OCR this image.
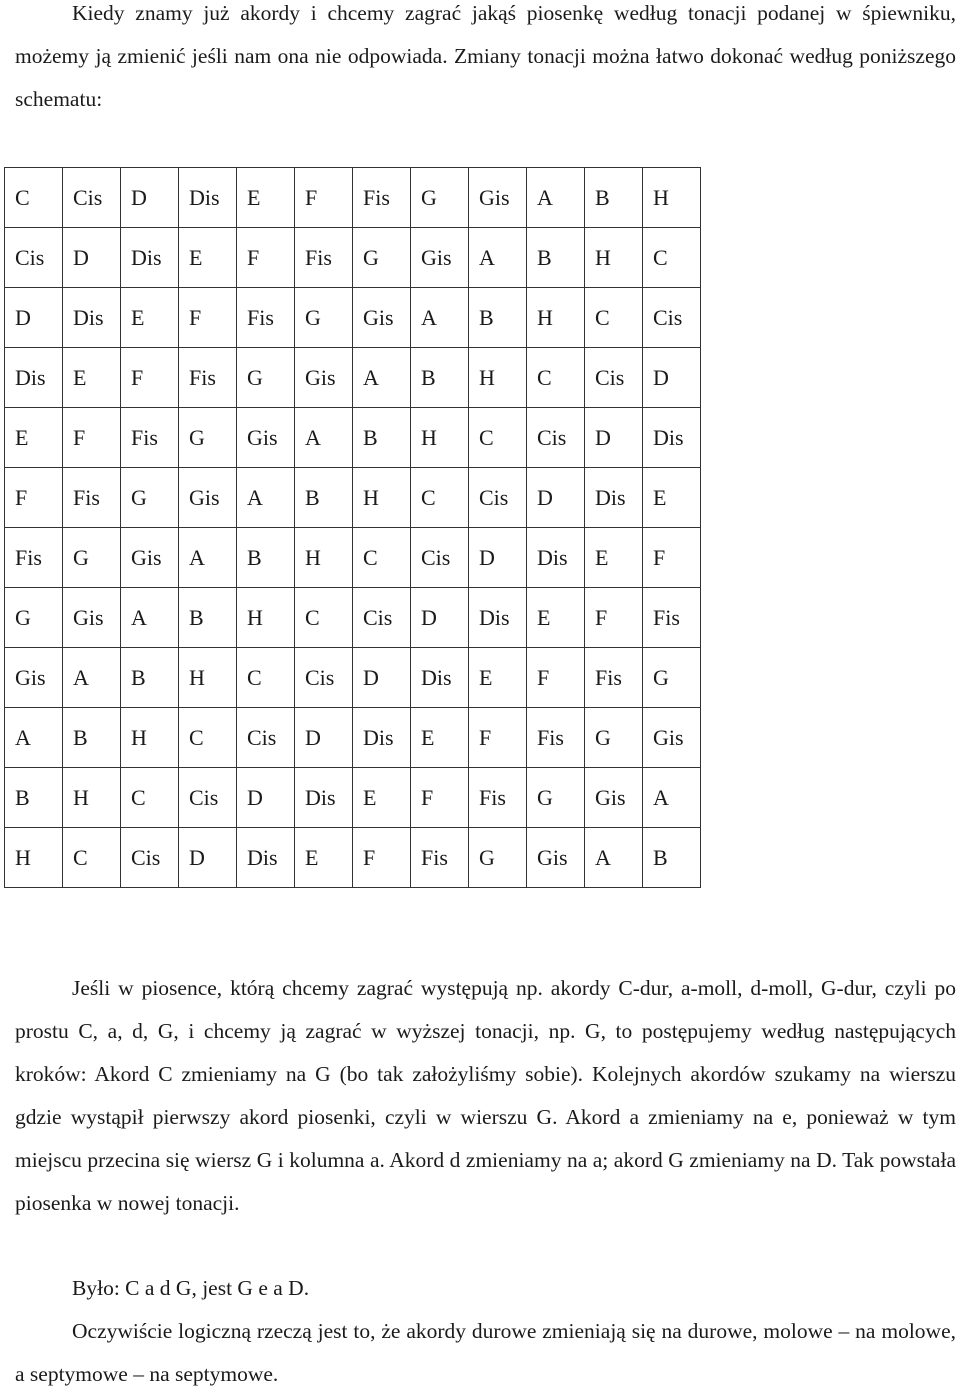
Kiedy znamy już akordy i chcemy zagrać jakąś piosenkę według tonacji podanej w śpiewniku, możemy ją zmienić jeśli nam ona nie odpowiada. Zmiany tonacji można łatwo dokonać według poniższego schematu:

C	Cis	D	Dis	E	F	Fis	G	Gis	A	B	H
Cis	D	Dis	E	F	Fis	G	Gis	A	B	H	C
D	Dis	E	F	Fis	G	Gis	A	B	H	C	Cis
Dis	E	F	Fis	G	Gis	A	B	H	C	Cis	D
E	F	Fis	G	Gis	A	B	H	C	Cis	D	Dis
F	Fis	G	Gis	A	B	H	C	Cis	D	Dis	E
Fis	G	Gis	A	B	H	C	Cis	D	Dis	E	F
G	Gis	A	B	H	C	Cis	D	Dis	E	F	Fis
Gis	A	B	H	C	Cis	D	Dis	E	F	Fis	G
A	B	H	C	Cis	D	Dis	E	F	Fis	G	Gis
B	H	C	Cis	D	Dis	E	F	Fis	G	Gis	A
H	C	Cis	D	Dis	E	F	Fis	G	Gis	A	B

Jeśli w piosence, którą chcemy zagrać występują np. akordy C-dur, a-moll, d-moll, G-dur, czyli po prostu C, a, d, G, i chcemy ją zagrać w wyższej tonacji, np. G, to postępujemy według następujących kroków: Akord C zmieniamy na G (bo tak założyliśmy sobie). Kolejnych akordów szukamy na wierszu gdzie wystąpił pierwszy akord piosenki, czyli w wierszu G. Akord a zmieniamy na e, ponieważ w tym miejscu przecina się wiersz G i kolumna a. Akord d zmieniamy na a; akord G zmieniamy na D. Tak powstała piosenka w nowej tonacji.

Było: C a d G, jest G e a D.

Oczywiście logiczną rzeczą jest to, że akordy durowe zmieniają się na durowe, molowe – na molowe, a septymowe – na septymowe.
